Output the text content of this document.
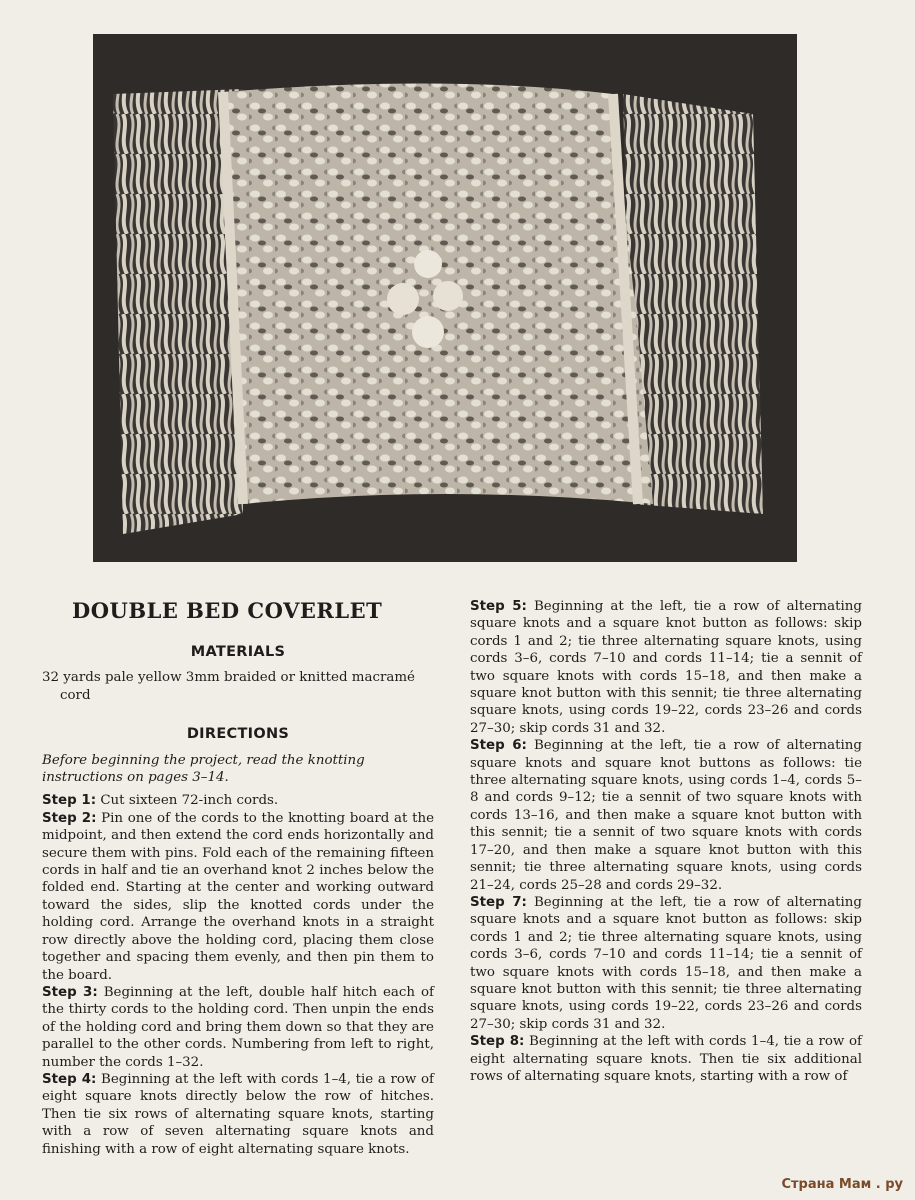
DOUBLE BED COVERLET
MATERIALS
32 yards pale yellow 3mm braided or knitted macramé cord
DIRECTIONS
Before beginning the project, read the knotting instructions on pages 3–14.

Step 1: Cut sixteen 72-inch cords.

Step 2: Pin one of the cords to the knotting board at the midpoint, and then extend the cord ends horizontally and secure them with pins. Fold each of the remaining fifteen cords in half and tie an overhand knot 2 inches below the folded end. Starting at the center and working outward toward the sides, slip the knotted cords under the holding cord. Arrange the overhand knots in a straight row directly above the holding cord, placing them close together and spacing them evenly, and then pin them to the board.

Step 3: Beginning at the left, double half hitch each of the thirty cords to the holding cord. Then unpin the ends of the holding cord and bring them down so that they are parallel to the other cords. Numbering from left to right, number the cords 1–32.

Step 4: Beginning at the left with cords 1–4, tie a row of eight square knots directly below the row of hitches. Then tie six rows of alternating square knots, starting with a row of seven alternating square knots and finishing with a row of eight alternating square knots.

Step 5: Beginning at the left, tie a row of alternating square knots and a square knot button as follows: skip cords 1 and 2; tie three alternating square knots, using cords 3–6, cords 7–10 and cords 11–14; tie a sennit of two square knots with cords 15–18, and then make a square knot button with this sennit; tie three alternating square knots, using cords 19–22, cords 23–26 and cords 27–30; skip cords 31 and 32.

Step 6: Beginning at the left, tie a row of alternating square knots and square knot buttons as follows: tie three alternating square knots, using cords 1–4, cords 5–8 and cords 9–12; tie a sennit of two square knots with cords 13–16, and then make a square knot button with this sennit; tie a sennit of two square knots with cords 17–20, and then make a square knot button with this sennit; tie three alternating square knots, using cords 21–24, cords 25–28 and cords 29–32.

Step 7: Beginning at the left, tie a row of alternating square knots and a square knot button as follows: skip cords 1 and 2; tie three alternating square knots, using cords 3–6, cords 7–10 and cords 11–14; tie a sennit of two square knots with cords 15–18, and then make a square knot button with this sennit; tie three alternating square knots, using cords 19–22, cords 23–26 and cords 27–30; skip cords 31 and 32.

Step 8: Beginning at the left with cords 1–4, tie a row of eight alternating square knots. Then tie six additional rows of alternating square knots, starting with a row of

Страна Мам . ру
